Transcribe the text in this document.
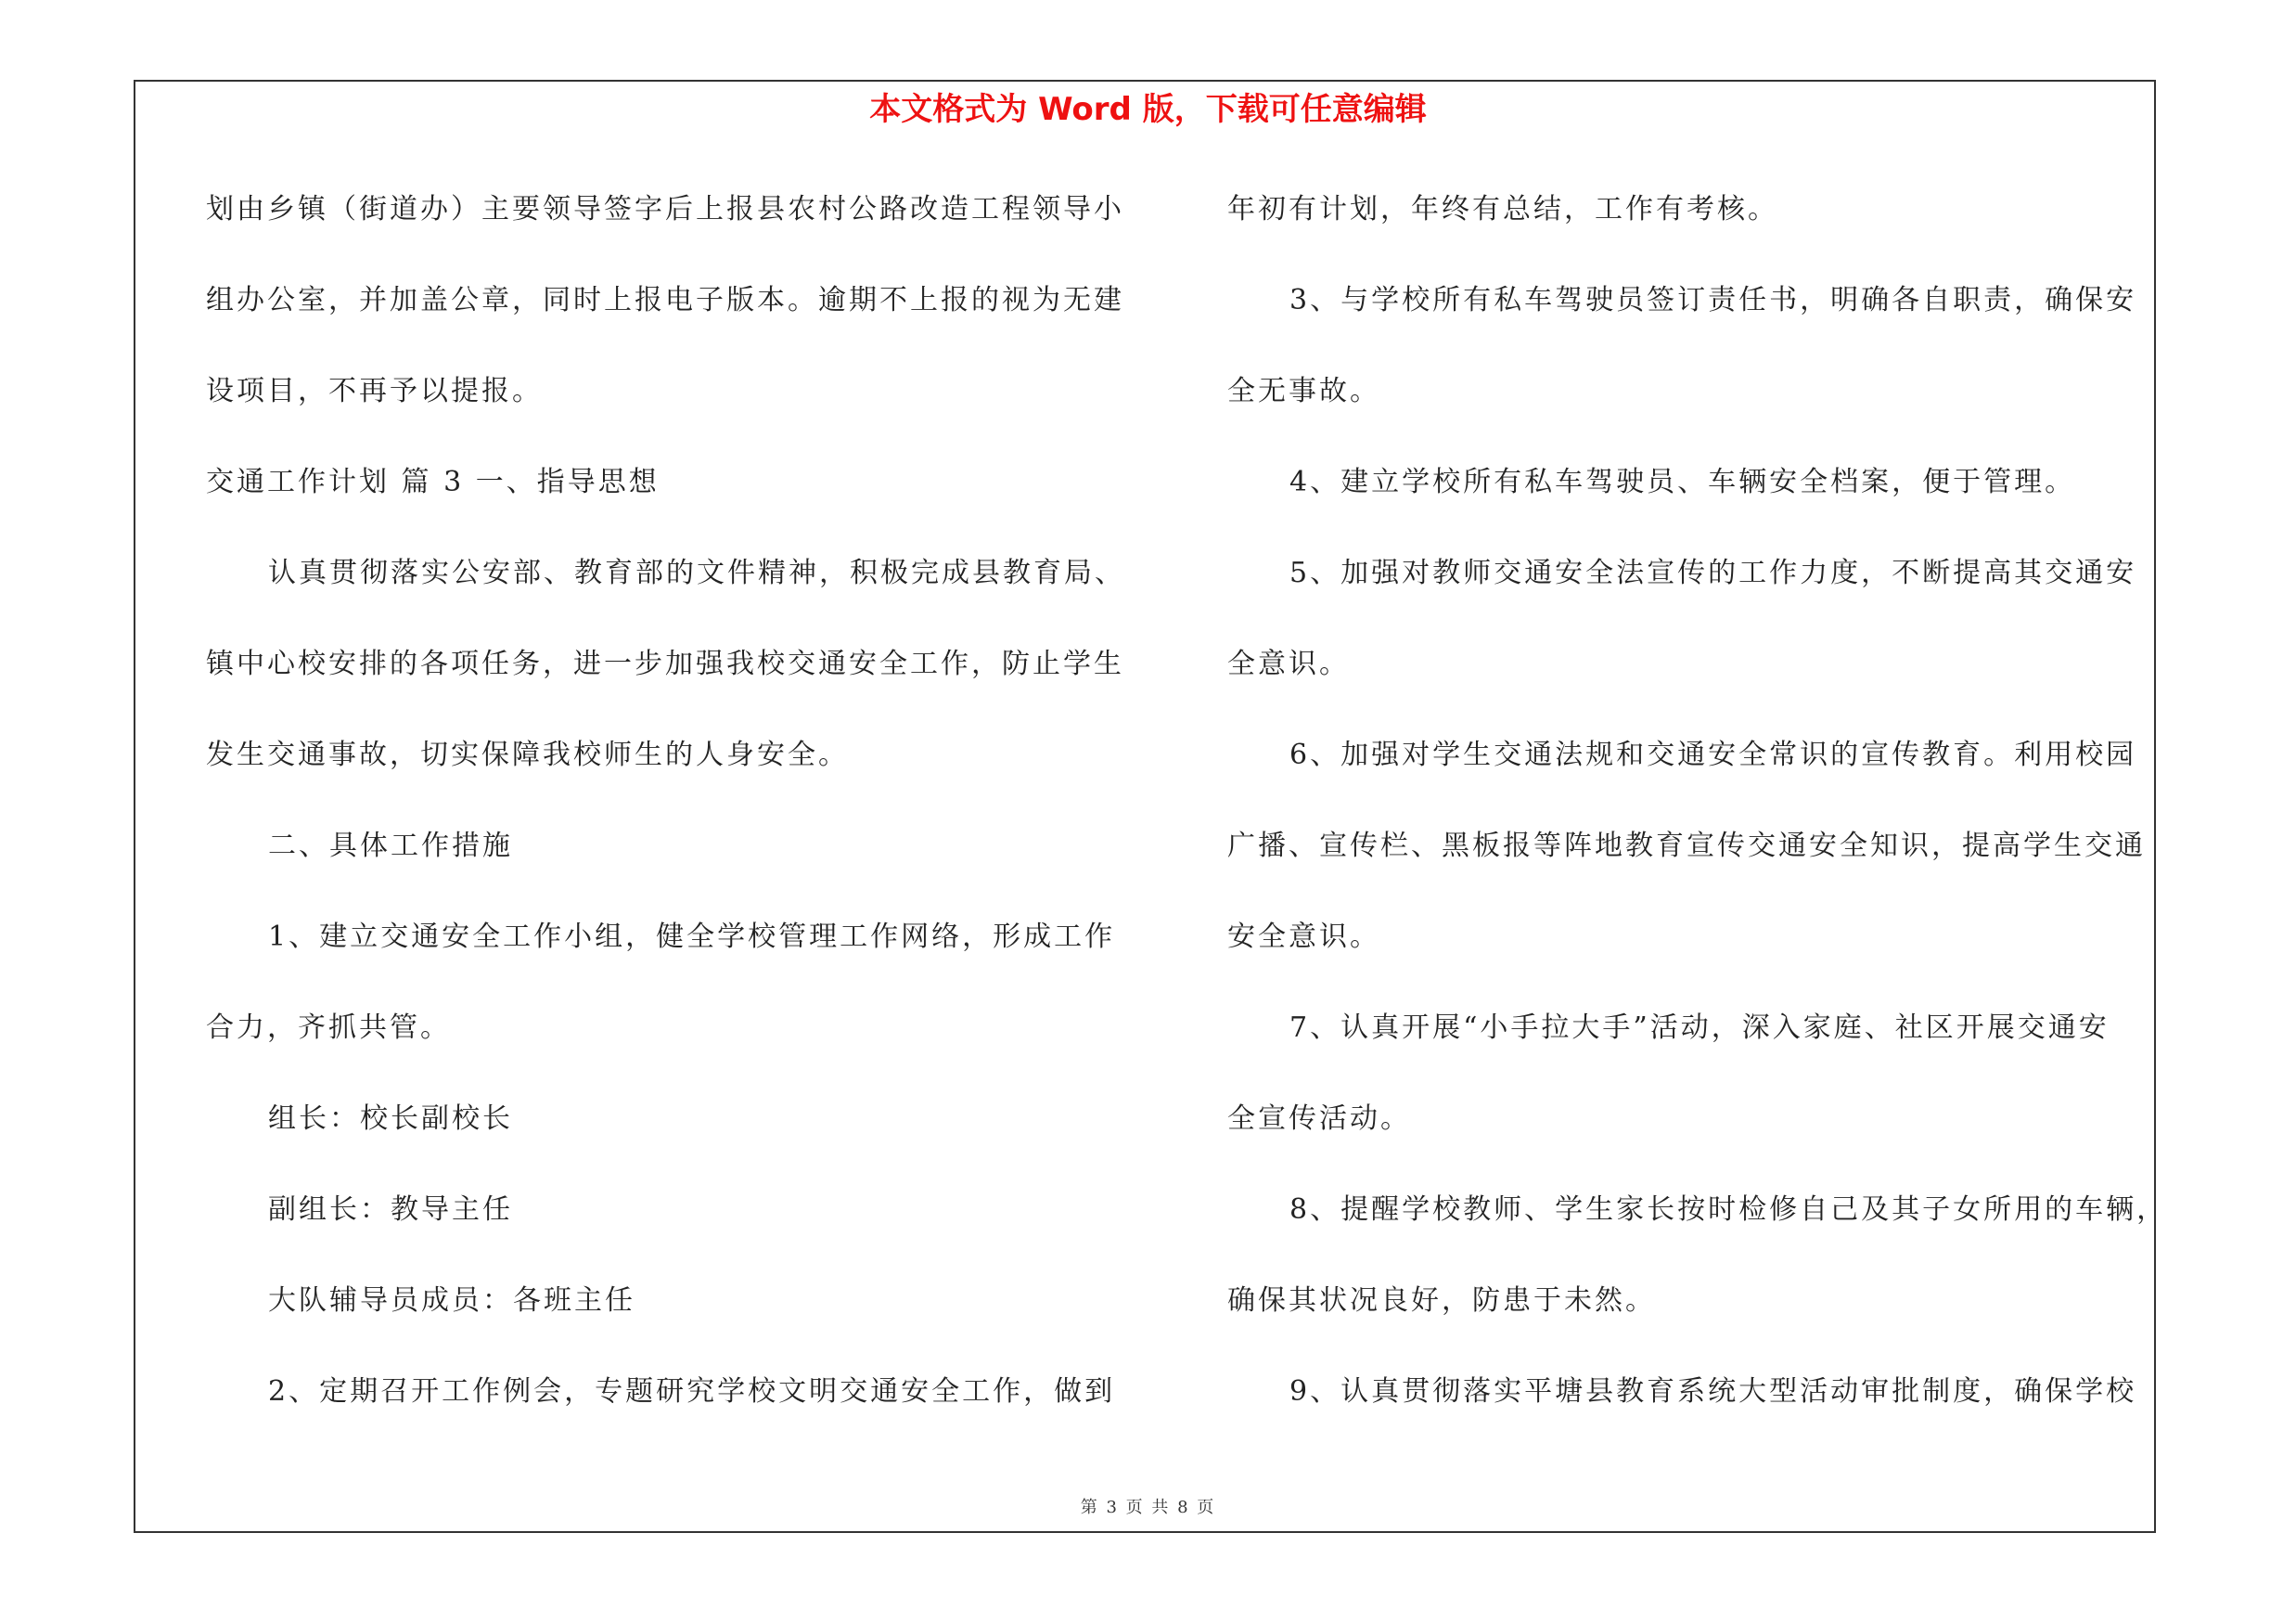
本文格式为 Word 版，下载可任意编辑

划由乡镇（街道办）主要领导签字后上报县农村公路改造工程领导小

组办公室，并加盖公章，同时上报电子版本。逾期不上报的视为无建

设项目，不再予以提报。

交通工作计划 篇 3 一、指导思想

认真贯彻落实公安部、教育部的文件精神，积极完成县教育局、

镇中心校安排的各项任务，进一步加强我校交通安全工作，防止学生

发生交通事故，切实保障我校师生的人身安全。

二、具体工作措施

1、建立交通安全工作小组，健全学校管理工作网络，形成工作

合力，齐抓共管。

组长：校长副校长

副组长：教导主任

大队辅导员成员：各班主任

2、定期召开工作例会，专题研究学校文明交通安全工作，做到

年初有计划，年终有总结，工作有考核。

3、与学校所有私车驾驶员签订责任书，明确各自职责，确保安

全无事故。

4、建立学校所有私车驾驶员、车辆安全档案，便于管理。

5、加强对教师交通安全法宣传的工作力度，不断提高其交通安

全意识。

6、加强对学生交通法规和交通安全常识的宣传教育。利用校园

广播、宣传栏、黑板报等阵地教育宣传交通安全知识，提高学生交通

安全意识。

7、认真开展“小手拉大手”活动，深入家庭、社区开展交通安

全宣传活动。

8、提醒学校教师、学生家长按时检修自己及其子女所用的车辆，

确保其状况良好，防患于未然。

9、认真贯彻落实平塘县教育系统大型活动审批制度，确保学校

第 3 页 共 8 页
